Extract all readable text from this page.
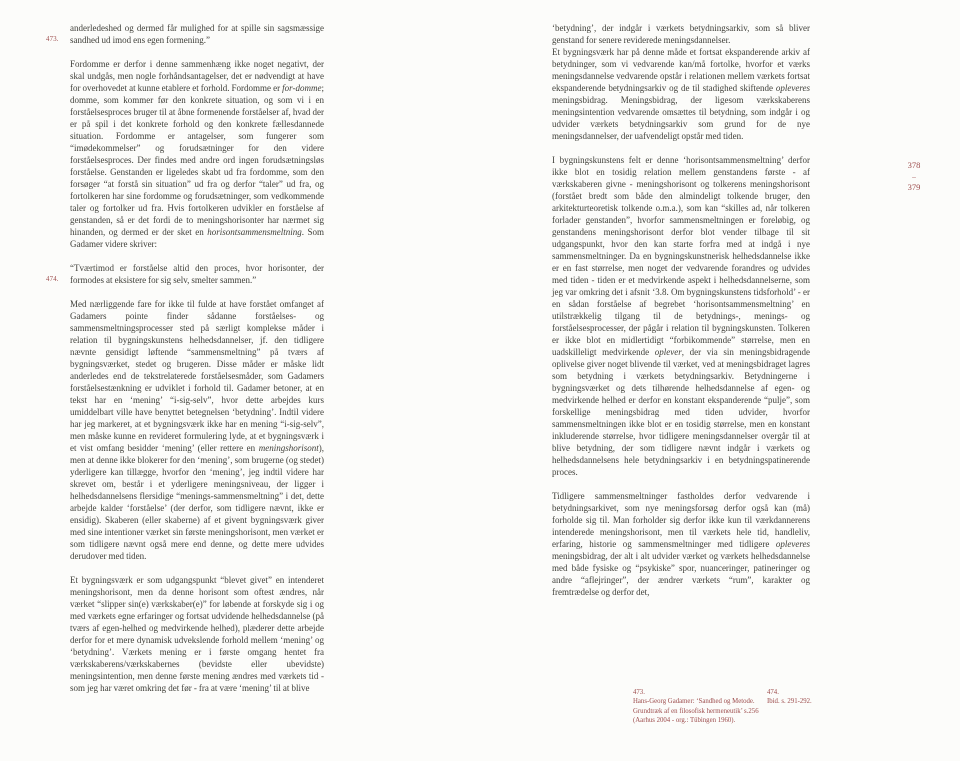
anderledeshed og dermed får mulighed for at spille sin sagsmæssige sandhed ud imod ens egen formening.”
473.

Fordomme er derfor i denne sammenhæng ikke noget negativt, der skal undgås, men nogle forhåndsantagelser, det er nødvendigt at have for overhovedet at kunne etablere et forhold. Fordomme er for-domme; domme, som kommer før den konkrete situation, og som vi i en forståelsesproces bruger til at åbne formenende forståelser af, hvad der er på spil i det konkrete forhold og den konkrete fællesdannede situation. Fordomme er antagelser, som fungerer som “imødekommelser” og forudsætninger for den videre forståelsesproces. Der findes med andre ord ingen forudsætningsløs forståelse. Genstanden er ligeledes skabt ud fra fordomme, som den forsøger “at forstå sin situation” ud fra og derfor “taler” ud fra, og fortolkeren har sine fordomme og forudsætninger, som vedkommende taler og fortolker ud fra. Hvis fortolkeren udvikler en forståelse af genstanden, så er det fordi de to meningshorisonter har nærmet sig hinanden, og dermed er der sket en horisontsammensmeltning. Som Gadamer videre skriver:

“Tværtimod er forståelse altid den proces, hvor horisonter, der formodes at eksistere for sig selv, smelter sammen.”
474.

Med nærliggende fare for ikke til fulde at have forstået omfanget af Gadamers pointe finder sådanne forståelses- og sammensmeltningsprocesser sted på særligt komplekse måder i relation til bygningskunstens helhedsdannelser, jf. den tidligere nævnte gensidigt løftende “sammensmeltning” på tværs af bygningsværket, stedet og brugeren. Disse måder er måske lidt anderledes end de tekstrelaterede forståelsesmåder, som Gadamers forståelsestænkning er udviklet i forhold til. Gadamer betoner, at en tekst har en ‘mening’ “i-sig-selv”, hvor dette arbejdes kurs umiddelbart ville have benyttet betegnelsen ‘betydning’. Indtil videre har jeg markeret, at et bygningsværk ikke har en mening “i-sig-selv”, men måske kunne en revideret formulering lyde, at et bygningsværk i et vist omfang besidder ‘mening’ (eller rettere en meningshorisont), men at denne ikke blokerer for den ‘mening’, som brugerne (og stedet) yderligere kan tillægge, hvorfor den ‘mening’, jeg indtil videre har skrevet om, består i et yderligere meningsniveau, der ligger i helhedsdannelsens flersidige “menings-sammensmeltning” i det, dette arbejde kalder ‘forståelse’ (der derfor, som tidligere nævnt, ikke er ensidig). Skaberen (eller skaberne) af et givent bygningsværk giver med sine intentioner værket sin første meningshorisont, men værket er som tidligere nævnt også mere end denne, og dette mere udvides derudover med tiden.

Et bygningsværk er som udgangspunkt “blevet givet” en intenderet meningshorisont, men da denne horisont som oftest ændres, når værket “slipper sin(e) værkskaber(e)” for løbende at forskyde sig i og med værkets egne erfaringer og fortsat udvidende helhedsdannelse (på tværs af egen-helhed og medvirkende helhed), plæderer dette arbejde derfor for et mere dynamisk udvekslende forhold mellem ‘mening’ og ‘betydning’. Værkets mening er i første omgang hentet fra værkskaberens/værkskabernes (bevidste eller ubevidste) meningsintention, men denne første mening ændres med værkets tid - som jeg har været omkring det før - fra at være ‘mening’ til at blive

‘betydning’, der indgår i værkets betydningsarkiv, som så bliver genstand for senere reviderede meningsdannelser.

Et bygningsværk har på denne måde et fortsat ekspanderende arkiv af betydninger, som vi vedvarende kan/må fortolke, hvorfor et værks meningsdannelse vedvarende opstår i relationen mellem værkets fortsat ekspanderende betydningsarkiv og de til stadighed skiftende opleveres meningsbidrag. Meningsbidrag, der ligesom værkskaberens meningsintention vedvarende omsættes til betydning, som indgår i og udvider værkets betydningsarkiv som grund for de nye meningsdannelser, der uafvendeligt opstår med tiden.

I bygningskunstens felt er denne ‘horisontsammensmeltning’ derfor ikke blot en tosidig relation mellem genstandens første - af værkskaberen givne - meningshorisont og tolkerens meningshorisont (forstået bredt som både den almindeligt tolkende bruger, den arkitekturteoretisk tolkende o.m.a.), som kan “skilles ad, når tolkeren forlader genstanden”, hvorfor sammensmeltningen er foreløbig, og genstandens meningshorisont derfor blot vender tilbage til sit udgangspunkt, hvor den kan starte forfra med at indgå i nye sammensmeltninger. Da en bygningskunstnerisk helhedsdannelse ikke er en fast størrelse, men noget der vedvarende forandres og udvides med tiden - tiden er et medvirkende aspekt i helhedsdannelserne, som jeg var omkring det i afsnit ‘3.8. Om bygningskunstens tidsforhold’ - er en sådan forståelse af begrebet ‘horisontsammensmeltning’ en utilstrækkelig tilgang til de betydnings-, menings- og forståelsesprocesser, der pågår i relation til bygningskunsten. Tolkeren er ikke blot en midlertidigt “forbikommende” størrelse, men en uadskilleligt medvirkende oplever, der via sin meningsbidragende oplivelse giver noget blivende til værket, ved at meningsbidraget lagres som betydning i værkets betydningsarkiv. Betydningerne i bygningsværket og dets tilhørende helhedsdannelse af egen- og medvirkende helhed er derfor en konstant ekspanderende “pulje”, som forskellige meningsbidrag med tiden udvider, hvorfor sammensmeltningen ikke blot er en tosidig størrelse, men en konstant inkluderende størrelse, hvor tidligere meningsdannelser overgår til at blive betydning, der som tidligere nævnt indgår i værkets og helhedsdannelsens hele betydningsarkiv i en betydningspatinerende proces.

Tidligere sammensmeltninger fastholdes derfor vedvarende i betydningsarkivet, som nye meningsforsøg derfor også kan (må) forholde sig til. Man forholder sig derfor ikke kun til værkdannerens intenderede meningshorisont, men til værkets hele tid, handleliv, erfaring, historie og sammensmeltninger med tidligere opleveres meningsbidrag, der alt i alt udvider værket og værkets helhedsdannelse med både fysiske og “psykiske” spor, nuanceringer, patineringer og andre “aflejringer”, der ændrer værkets “rum”, karakter og fremtrædelse og derfor det,

378
–
379
473.
Hans-Georg Gadamer: ‘Sandhed og Metode. Grundtræk af en filosofisk hermeneutik’ s.256 (Aarhus 2004 - org.: Tübingen 1960).
474.
Ibid. s. 291-292.
